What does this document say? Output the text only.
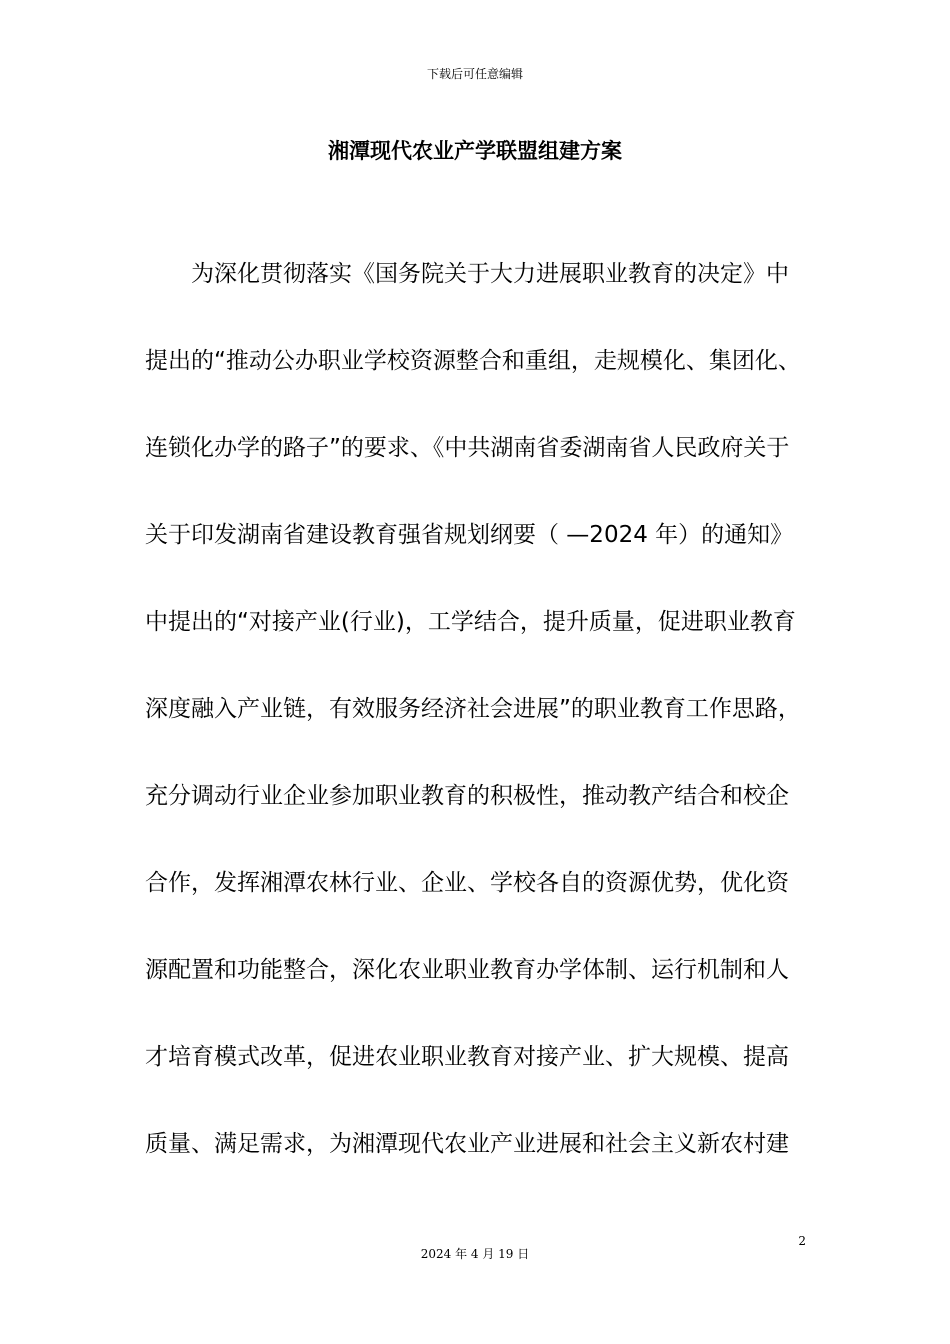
下载后可任意编辑
湘潭现代农业产学联盟组建方案
　　为深化贯彻落实《国务院关于大力进展职业教育的决定》中
提出的“推动公办职业学校资源整合和重组，走规模化、集团化、
连锁化办学的路子”的要求、《中共湖南省委湖南省人民政府关于
关于印发湖南省建设教育强省规划纲要（ —2024 年）的通知》
中提出的“对接产业(行业)，工学结合，提升质量，促进职业教育
深度融入产业链，有效服务经济社会进展”的职业教育工作思路，
充分调动行业企业参加职业教育的积极性，推动教产结合和校企
合作，发挥湘潭农林行业、企业、学校各自的资源优势，优化资
源配置和功能整合，深化农业职业教育办学体制、运行机制和人
才培育模式改革，促进农业职业教育对接产业、扩大规模、提高
质量、满足需求，为湘潭现代农业产业进展和社会主义新农村建
2
2024 年 4 月 19 日
